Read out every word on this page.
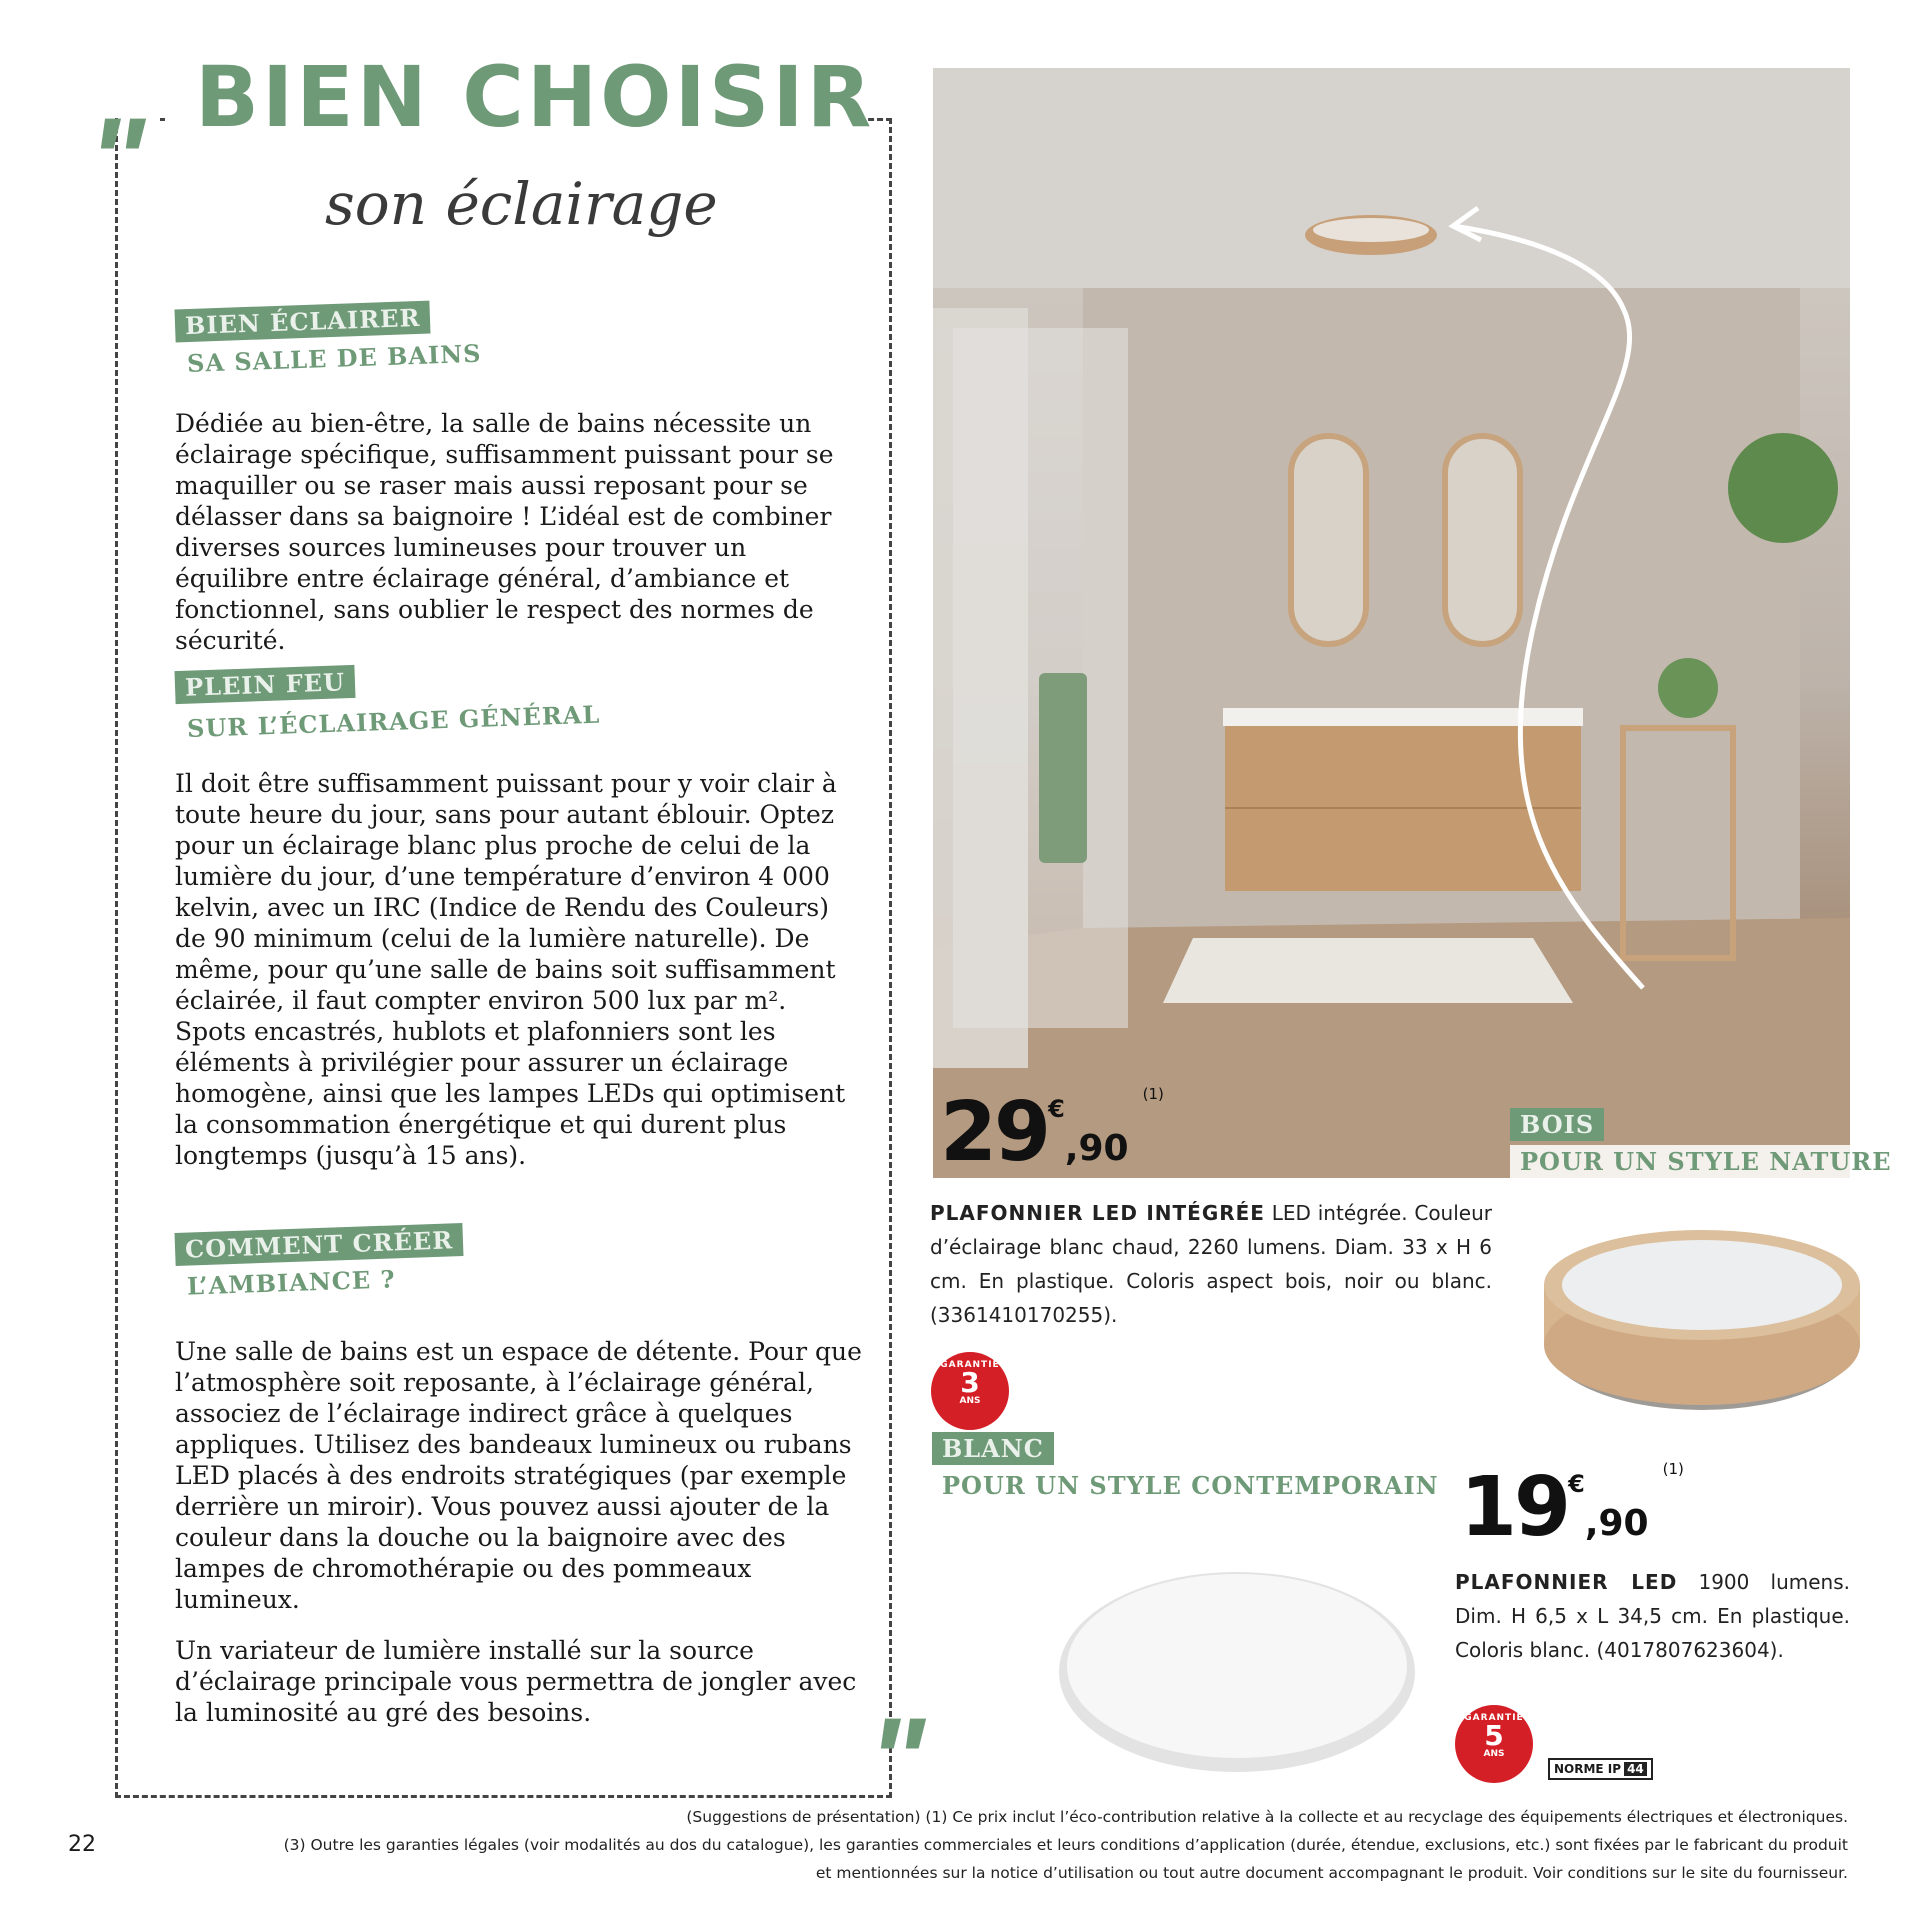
" BIEN CHOISIR
son éclairage
BIEN ÉCLAIRER
SA SALLE DE BAINS
Dédiée au bien-être, la salle de bains nécessite un éclairage spécifique, suffisamment puissant pour se maquiller ou se raser mais aussi reposant pour se délasser dans sa baignoire ! L’idéal est de combiner diverses sources lumineuses pour trouver un équilibre entre éclairage général, d’ambiance et fonctionnel, sans oublier le respect des normes de sécurité.
PLEIN FEU
SUR L’ÉCLAIRAGE GÉNÉRAL
Il doit être suffisamment puissant pour y voir clair à toute heure du jour, sans pour autant éblouir. Optez pour un éclairage blanc plus proche de celui de la lumière du jour, d’une température d’environ 4 000 kelvin, avec un IRC (Indice de Rendu des Couleurs) de 90 minimum (celui de la lumière naturelle). De même, pour qu’une salle de bains soit suffisamment éclairée, il faut compter environ 500 lux par m². Spots encastrés, hublots et plafonniers sont les éléments à privilégier pour assurer un éclairage homogène, ainsi que les lampes LEDs qui optimisent la consommation énergétique et qui durent plus longtemps (jusqu’à 15 ans).
COMMENT CRÉER
L’AMBIANCE ?
Une salle de bains est un espace de détente. Pour que l’atmosphère soit reposante, à l’éclairage général, associez de l’éclairage indirect grâce à quelques appliques. Utilisez des bandeaux lumineux ou rubans LED placés à des endroits stratégiques (par exemple derrière un miroir). Vous pouvez aussi ajouter de la couleur dans la douche ou la baignoire avec des lampes de chromothérapie ou des pommeaux lumineux.
Un variateur de lumière installé sur la source d’éclairage principale vous permettra de jongler avec la luminosité au gré des besoins.	"
29€,90(1)
PLAFONNIER LED INTÉGRÉE LED intégrée. Couleur d’éclairage blanc chaud, 2260 lumens. Diam. 33 x H 6 cm. En plastique. Coloris aspect bois, noir ou blanc. (3361410170255).
GARANTIE
3
ANS
BOIS
POUR UN STYLE NATURE
BLANC
POUR UN STYLE CONTEMPORAIN 19€,90(1)
PLAFONNIER LED 1900 lumens. Dim. H 6,5 x L 34,5 cm. En plastique. Coloris blanc. (4017807623604).
GARANTIE
5
ANS
NORME IP 44
(Suggestions de présentation) (1) Ce prix inclut l’éco-contribution relative à la collecte et au recyclage des équipements électriques et électroniques.
(3) Outre les garanties légales (voir modalités au dos du catalogue), les garanties commerciales et leurs conditions d’application (durée, étendue, exclusions, etc.) sont fixées par le fabricant du produit
et mentionnées sur la notice d’utilisation ou tout autre document accompagnant le produit. Voir conditions sur le site du fournisseur.
22
